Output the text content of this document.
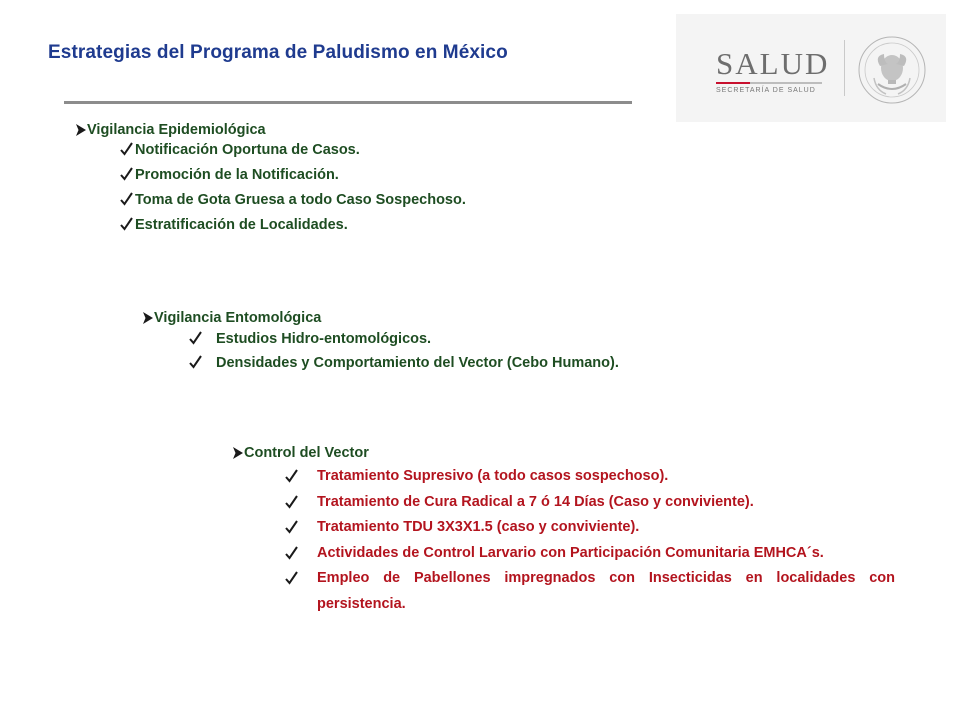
Estrategias del Programa de Paludismo en México	SALUD
SECRETARÍA DE SALUD
Vigilancia Epidemiológica
Notificación Oportuna de Casos.
Promoción de la Notificación.
Toma de Gota Gruesa a todo Caso Sospechoso.
Estratificación de Localidades.
Vigilancia Entomológica
Estudios Hidro-entomológicos.
Densidades y Comportamiento del Vector (Cebo Humano).
Control del Vector
Tratamiento Supresivo (a todo casos sospechoso).
Tratamiento de Cura Radical a 7 ó 14 Días (Caso y conviviente).
Tratamiento TDU 3X3X1.5 (caso y conviviente).
Actividades de Control Larvario con Participación Comunitaria EMHCA´s.
Empleo de Pabellones impregnados con Insecticidas en localidades con persistencia.
